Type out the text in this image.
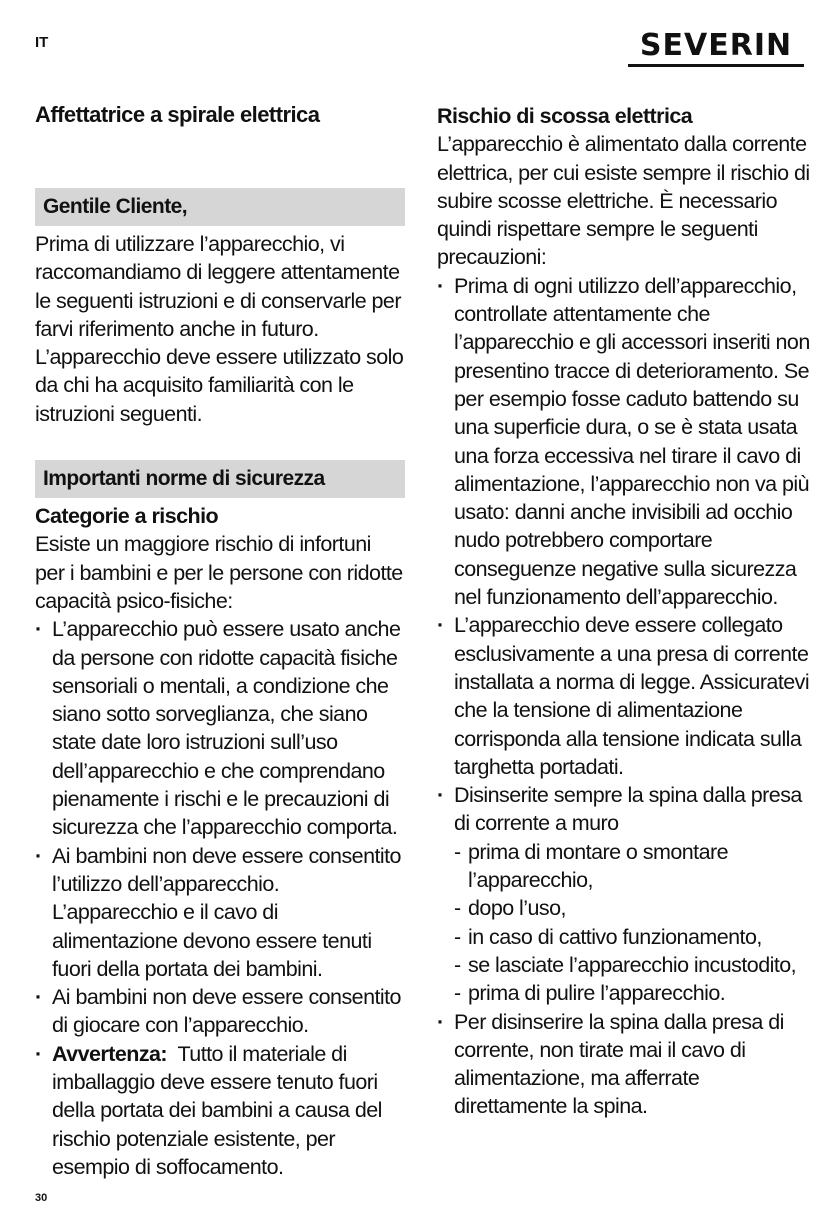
IT	SEVERIN
Affettatrice a spirale elettrica
Gentile Cliente,

Prima di utilizzare l’apparecchio, vi raccomandiamo di leggere attentamente le seguenti istruzioni e di conservarle per farvi riferimento anche in futuro. L’apparecchio deve essere utilizzato solo da chi ha acquisito familiarità con le istruzioni seguenti.

Importanti norme di sicurezza

Categorie a rischio

Esiste un maggiore rischio di infortuni per i bambini e per le persone con ridotte capacità psico-fisiche:

· L’apparecchio può essere usato anche da persone con ridotte capacità fisiche sensoriali o mentali, a condizione che siano sotto sorveglianza, che siano state date loro istruzioni sull’uso dell’apparecchio e che comprendano pienamente i rischi e le precauzioni di sicurezza che l’apparecchio comporta.
· Ai bambini non deve essere consentito l’utilizzo dell’apparecchio. L’apparecchio e il cavo di alimentazione devono essere tenuti fuori della portata dei bambini.
· Ai bambini non deve essere consentito di giocare con l’apparecchio.
· Avvertenza: Tutto il materiale di imballaggio deve essere tenuto fuori della portata dei bambini a causa del rischio potenziale esistente, per esempio di soffocamento.

Rischio di scossa elettrica

L’apparecchio è alimentato dalla corrente elettrica, per cui esiste sempre il rischio di subire scosse elettriche. È necessario quindi rispettare sempre le seguenti precauzioni:

· Prima di ogni utilizzo dell’apparecchio, controllate attentamente che l’apparecchio e gli accessori inseriti non presentino tracce di deterioramento. Se per esempio fosse caduto battendo su una superficie dura, o se è stata usata una forza eccessiva nel tirare il cavo di alimentazione, l’apparecchio non va più usato: danni anche invisibili ad occhio nudo potrebbero comportare conseguenze negative sulla sicurezza nel funzionamento dell’apparecchio.
· L’apparecchio deve essere collegato esclusivamente a una presa di corrente installata a norma di legge. Assicuratevi che la tensione di alimentazione corrisponda alla tensione indicata sulla targhetta portadati.
· Disinserite sempre la spina dalla presa di corrente a muro
- prima di montare o smontare l’apparecchio,
- dopo l’uso,
- in caso di cattivo funzionamento,
- se lasciate l’apparecchio incustodito,
- prima di pulire l’apparecchio.
· Per disinserire la spina dalla presa di corrente, non tirate mai il cavo di alimentazione, ma afferrate direttamente la spina.
30
